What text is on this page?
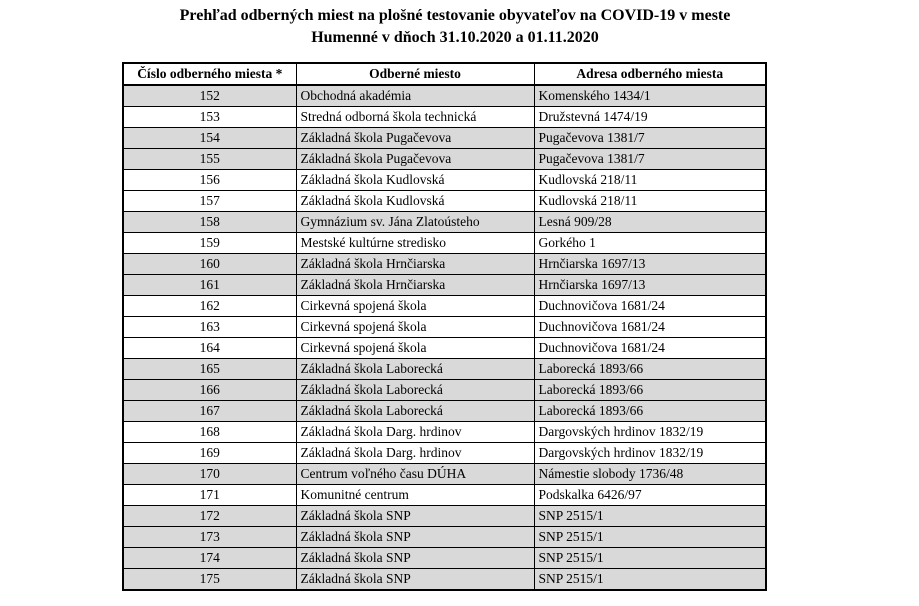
Prehľad odberných miest na plošné testovanie obyvateľov na COVID-19 v meste
Humenné v dňoch 31.10.2020 a 01.11.2020
Číslo odberného miesta *	Odberné miesto	Adresa odberného miesta
152	Obchodná akadémia	Komenského 1434/1
153	Stredná odborná škola technická	Družstevná 1474/19
154	Základná škola Pugačevova	Pugačevova 1381/7
155	Základná škola Pugačevova	Pugačevova 1381/7
156	Základná škola Kudlovská	Kudlovská 218/11
157	Základná škola Kudlovská	Kudlovská 218/11
158	Gymnázium sv. Jána Zlatoústeho	Lesná 909/28
159	Mestské kultúrne stredisko	Gorkého 1
160	Základná škola Hrnčiarska	Hrnčiarska 1697/13
161	Základná škola Hrnčiarska	Hrnčiarska 1697/13
162	Cirkevná spojená škola	Duchnovičova 1681/24
163	Cirkevná spojená škola	Duchnovičova 1681/24
164	Cirkevná spojená škola	Duchnovičova 1681/24
165	Základná škola Laborecká	Laborecká 1893/66
166	Základná škola Laborecká	Laborecká 1893/66
167	Základná škola Laborecká	Laborecká 1893/66
168	Základná škola Darg. hrdinov	Dargovských hrdinov 1832/19
169	Základná škola Darg. hrdinov	Dargovských hrdinov 1832/19
170	Centrum voľného času DÚHA	Námestie slobody 1736/48
171	Komunitné centrum	Podskalka 6426/97
172	Základná škola SNP	SNP 2515/1
173	Základná škola SNP	SNP 2515/1
174	Základná škola SNP	SNP 2515/1
175	Základná škola SNP	SNP 2515/1
